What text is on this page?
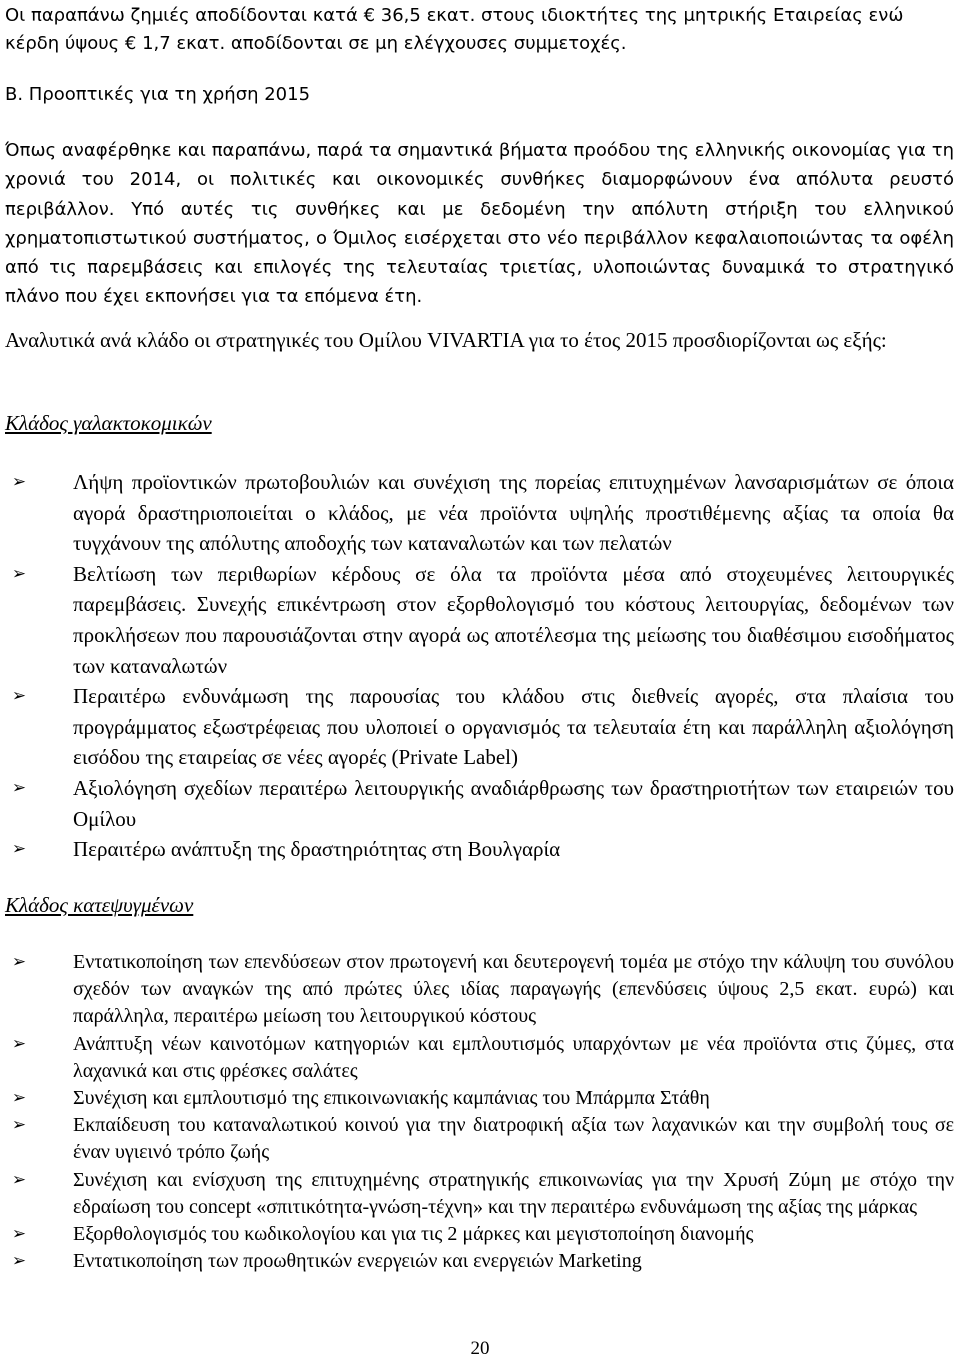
Οι παραπάνω ζημιές αποδίδονται κατά € 36,5 εκατ. στους ιδιοκτήτες της μητρικής Εταιρείας ενώ κέρδη ύψους € 1,7 εκατ. αποδίδονται σε μη ελέγχουσες συμμετοχές.

B. Προοπτικές για τη χρήση 2015

Όπως αναφέρθηκε και παραπάνω, παρά τα σημαντικά βήματα προόδου της ελληνικής οικονομίας για τη χρονιά του 2014, οι πολιτικές και οικονομικές συνθήκες διαμορφώνουν ένα απόλυτα ρευστό περιβάλλον. Υπό αυτές τις συνθήκες και με δεδομένη την απόλυτη στήριξη του ελληνικού χρηματοπιστωτικού συστήματος, ο Όμιλος εισέρχεται στο νέο περιβάλλον κεφαλαιοποιώντας τα οφέλη από τις παρεμβάσεις και επιλογές της τελευταίας τριετίας, υλοποιώντας δυναμικά το στρατηγικό πλάνο που έχει εκπονήσει για τα επόμενα έτη.

Αναλυτικά ανά κλάδο οι στρατηγικές του Ομίλου VIVARTIA για το έτος 2015 προσδιορίζονται ως εξής:

Κλάδος γαλακτοκομικών

➢ Λήψη προϊοντικών πρωτοβουλιών και συνέχιση της πορείας επιτυχημένων λανσαρισμάτων σε όποια αγορά δραστηριοποιείται ο κλάδος, με νέα προϊόντα υψηλής προστιθέμενης αξίας τα οποία θα τυγχάνουν της απόλυτης αποδοχής των καταναλωτών και των πελατών
➢ Βελτίωση των περιθωρίων κέρδους σε όλα τα προϊόντα μέσα από στοχευμένες λειτουργικές παρεμβάσεις. Συνεχής επικέντρωση στον εξορθολογισμό του κόστους λειτουργίας, δεδομένων των προκλήσεων που παρουσιάζονται στην αγορά ως αποτέλεσμα της μείωσης του διαθέσιμου εισοδήματος των καταναλωτών
➢ Περαιτέρω ενδυνάμωση της παρουσίας του κλάδου στις διεθνείς αγορές, στα πλαίσια του προγράμματος εξωστρέφειας που υλοποιεί ο οργανισμός τα τελευταία έτη και παράλληλη αξιολόγηση εισόδου της εταιρείας σε νέες αγορές (Private Label)
➢ Αξιολόγηση σχεδίων περαιτέρω λειτουργικής αναδιάρθρωσης των δραστηριοτήτων των εταιρειών του Ομίλου
➢ Περαιτέρω ανάπτυξη της δραστηριότητας στη Βουλγαρία

Κλάδος κατεψυγμένων

➢ Εντατικοποίηση των επενδύσεων στον πρωτογενή και δευτερογενή τομέα με στόχο την κάλυψη του συνόλου σχεδόν των αναγκών της από πρώτες ύλες ιδίας παραγωγής (επενδύσεις ύψους 2,5 εκατ. ευρώ) και παράλληλα, περαιτέρω μείωση του λειτουργικού κόστους
➢ Ανάπτυξη νέων καινοτόμων κατηγοριών και εμπλουτισμός υπαρχόντων με νέα προϊόντα στις ζύμες, στα λαχανικά και στις φρέσκες σαλάτες
➢ Συνέχιση και εμπλουτισμό της επικοινωνιακής καμπάνιας του Μπάρμπα Στάθη
➢ Εκπαίδευση του καταναλωτικού κοινού για την διατροφική αξία των λαχανικών και την συμβολή τους σε έναν υγιεινό τρόπο ζωής
➢ Συνέχιση και ενίσχυση της επιτυχημένης στρατηγικής επικοινωνίας για την Χρυσή Ζύμη με στόχο την εδραίωση του concept «σπιτικότητα-γνώση-τέχνη» και την περαιτέρω ενδυνάμωση της αξίας της μάρκας
➢ Εξορθολογισμός του κωδικολογίου και για τις 2 μάρκες και μεγιστοποίηση διανομής
➢ Εντατικοποίηση των προωθητικών ενεργειών και ενεργειών Marketing
20
